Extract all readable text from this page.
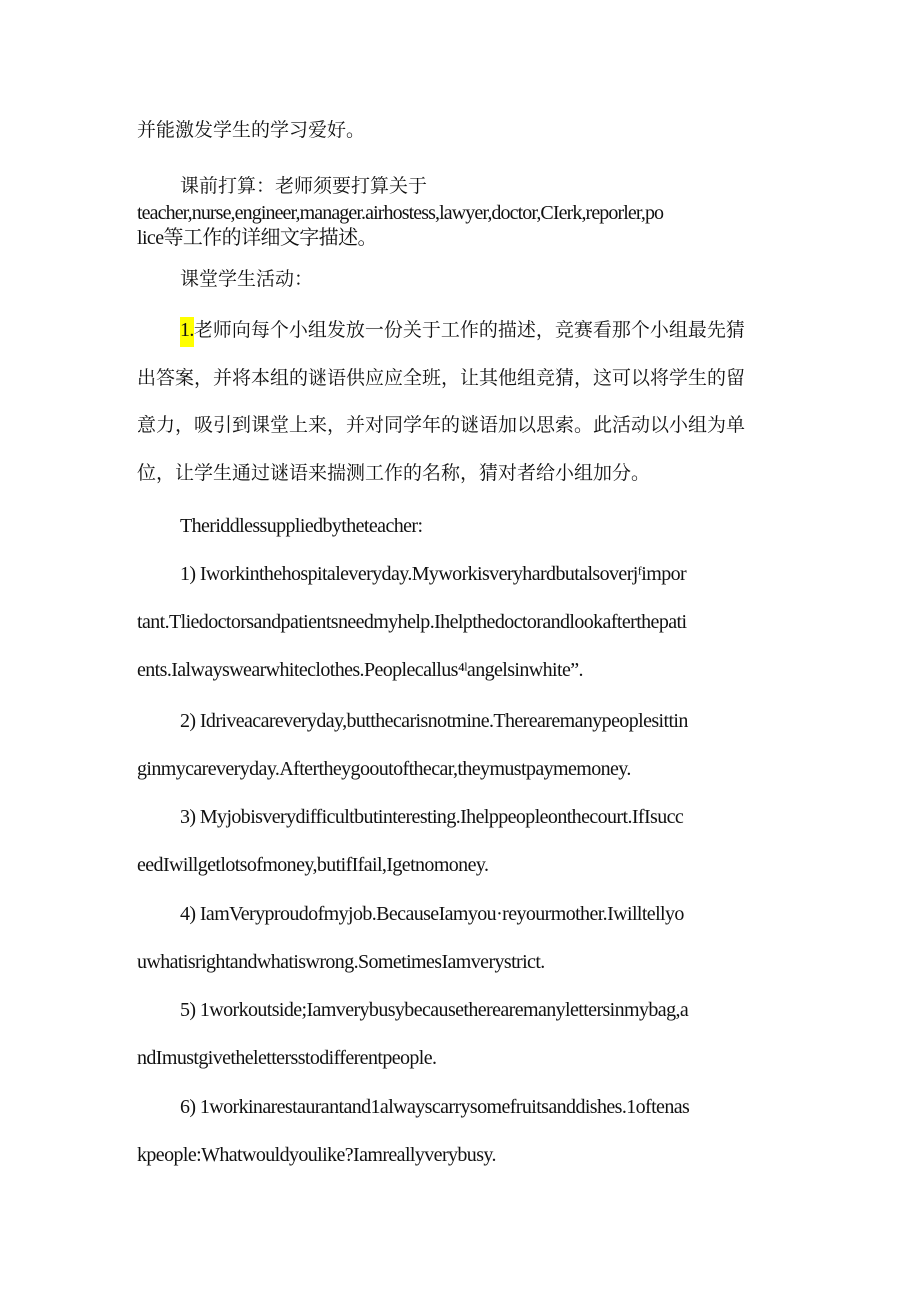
并能激发学生的学习爱好。
课前打算：老师须要打算关于
teacher,nurse,engineer,manager.airhostess,lawyer,doctor,CIerk,reporler,po
lice等工作的详细文字描述。
课堂学生活动：
1.老师向每个小组发放一份关于工作的描述，竞赛看那个小组最先猜
出答案，并将本组的谜语供应应全班，让其他组竞猜，这可以将学生的留
意力，吸引到课堂上来，并对同学年的谜语加以思索。此活动以小组为单
位，让学生通过谜语来揣测工作的名称，猜对者给小组加分。
Theriddlessuppliedbytheteacher:
1) Iworkinthehospitaleveryday.Myworkisveryhardbutalsoverjᶠimpor
tant.Tliedoctorsandpatientsneedmyhelp.Ihelpthedoctorandlookafterthepati
ents.Ialwayswearwhiteclothes.Peoplecallus⁴ˡangelsinwhite”.
2) Idriveacareveryday,butthecarisnotmine.Therearemanypeoplesittin
ginmycareveryday.Aftertheygooutofthecar,theymustpaymemoney.
3) Myjobisverydifficultbutinteresting.Ihelppeopleonthecourt.IfIsucc
eedIwillgetlotsofmoney,butifIfail,Igetnomoney.
4) IamVeryproudofmyjob.BecauseIamyou·reyourmother.Iwilltellyo
uwhatisrightandwhatiswrong.SometimesIamverystrict.
5) 1workoutside;Iamverybusybecausetherearemanylettersinmybag,a
ndImustgivethelettersstodifferentpeople.
6) 1workinarestaurantand1alwayscarrysomefruitsanddishes.1oftenas
kpeople:Whatwouldyoulike?Iamreallyverybusy.
